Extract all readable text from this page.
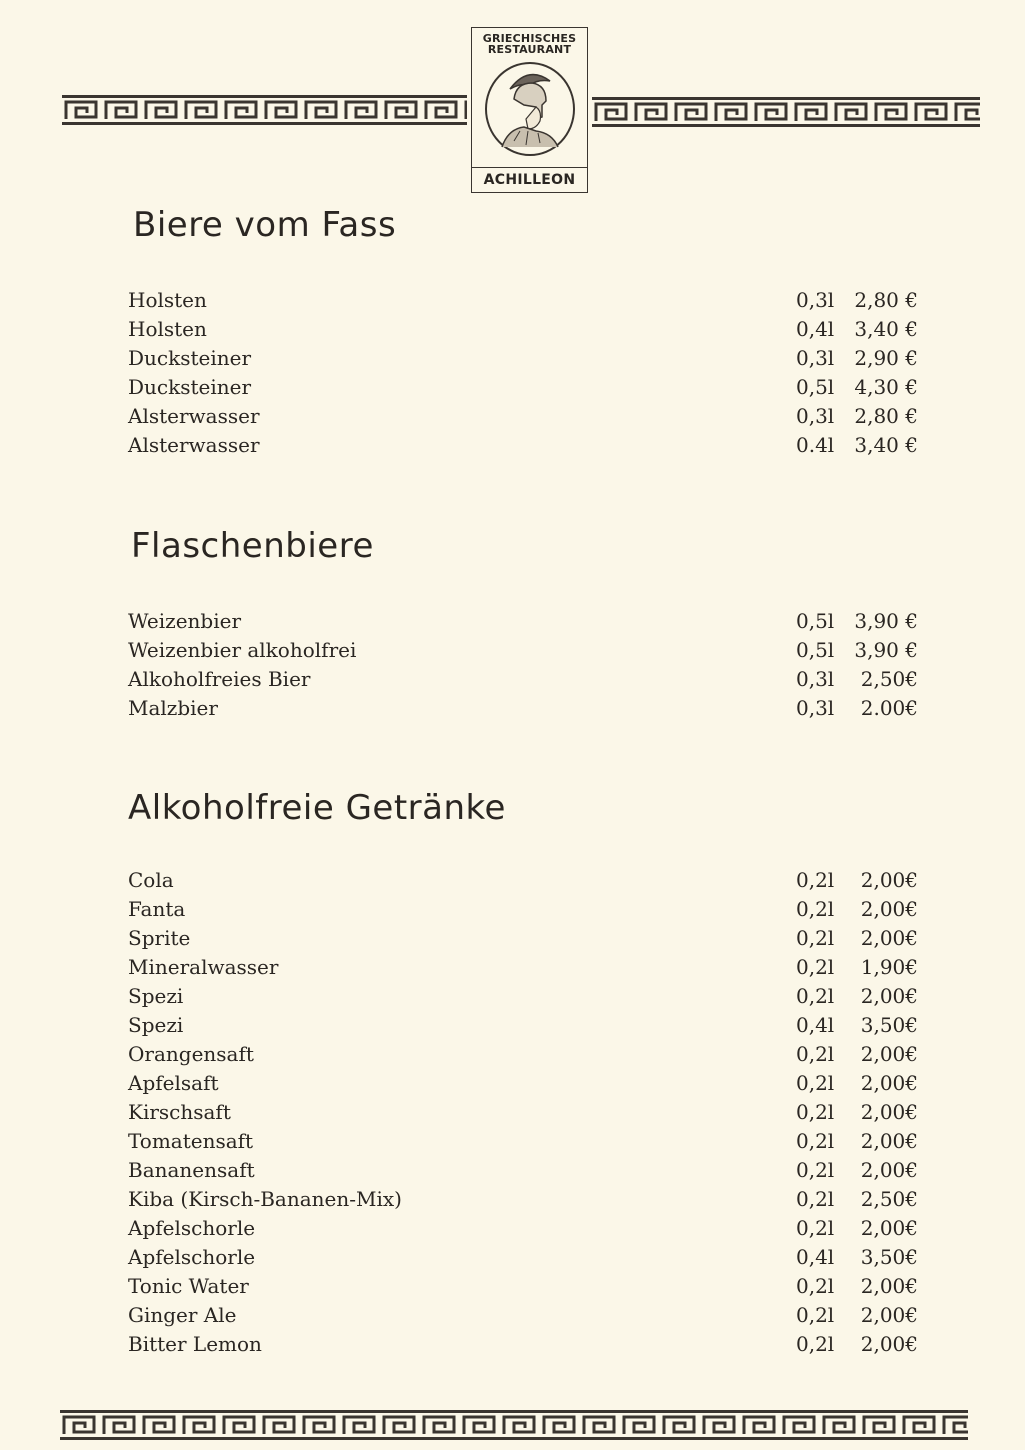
GRIECHISCHES
RESTAURANT
ACHILLEON
Biere vom Fass
Holsten	0,3l	2,80 €
Holsten	0,4l	3,40 €
Ducksteiner	0,3l	2,90 €
Ducksteiner	0,5l	4,30 €
Alsterwasser	0,3l	2,80 €
Alsterwasser	0.4l	3,40 €
Flaschenbiere
Weizenbier	0,5l	3,90 €
Weizenbier alkoholfrei	0,5l	3,90 €
Alkoholfreies Bier	0,3l	2,50€
Malzbier	0,3l	2.00€
Alkoholfreie Getränke
Cola	0,2l	2,00€
Fanta	0,2l	2,00€
Sprite	0,2l	2,00€
Mineralwasser	0,2l	1,90€
Spezi	0,2l	2,00€
Spezi	0,4l	3,50€
Orangensaft	0,2l	2,00€
Apfelsaft	0,2l	2,00€
Kirschsaft	0,2l	2,00€
Tomatensaft	0,2l	2,00€
Bananensaft	0,2l	2,00€
Kiba (Kirsch-Bananen-Mix)	0,2l	2,50€
Apfelschorle	0,2l	2,00€
Apfelschorle	0,4l	3,50€
Tonic Water	0,2l	2,00€
Ginger Ale	0,2l	2,00€
Bitter Lemon	0,2l	2,00€
